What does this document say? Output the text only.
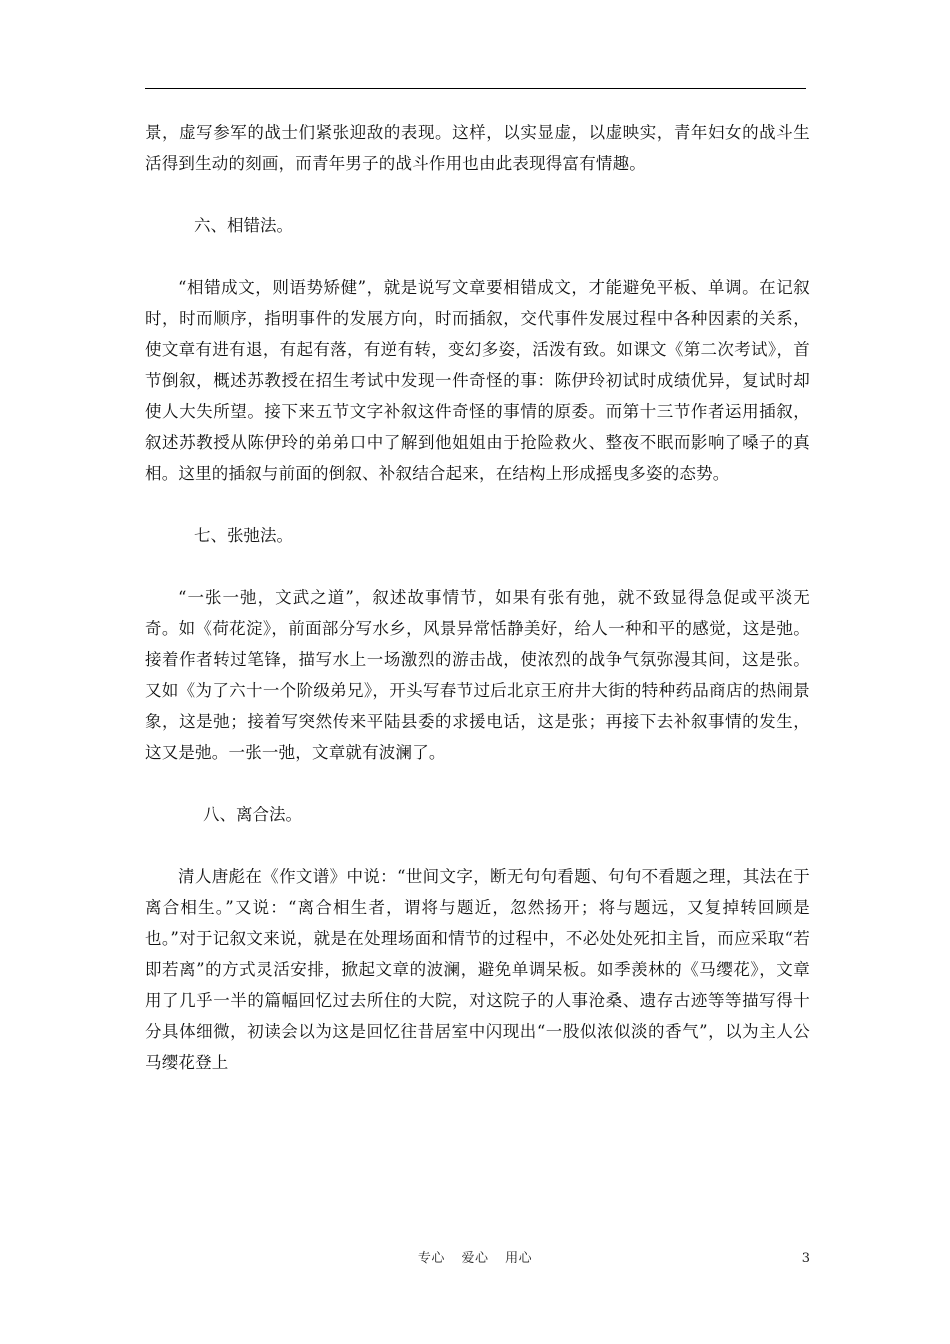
景，虚写参军的战士们紧张迎敌的表现。这样，以实显虚，以虚映实，青年妇女的战斗生活得到生动的刻画，而青年男子的战斗作用也由此表现得富有情趣。

六、相错法。

“相错成文，则语势矫健”，就是说写文章要相错成文，才能避免平板、单调。在记叙时，时而顺序，指明事件的发展方向，时而插叙，交代事件发展过程中各种因素的关系，使文章有进有退，有起有落，有逆有转，变幻多姿，活泼有致。如课文《第二次考试》，首节倒叙，概述苏教授在招生考试中发现一件奇怪的事：陈伊玲初试时成绩优异，复试时却使人大失所望。接下来五节文字补叙这件奇怪的事情的原委。而第十三节作者运用插叙，叙述苏教授从陈伊玲的弟弟口中了解到他姐姐由于抢险救火、整夜不眠而影响了嗓子的真相。这里的插叙与前面的倒叙、补叙结合起来，在结构上形成摇曳多姿的态势。

七、张弛法。

“一张一弛，文武之道”，叙述故事情节，如果有张有弛，就不致显得急促或平淡无奇。如《荷花淀》，前面部分写水乡，风景异常恬静美好，给人一种和平的感觉，这是弛。接着作者转过笔锋，描写水上一场激烈的游击战，使浓烈的战争气氛弥漫其间，这是张。又如《为了六十一个阶级弟兄》，开头写春节过后北京王府井大街的特种药品商店的热闹景象，这是弛；接着写突然传来平陆县委的求援电话，这是张；再接下去补叙事情的发生，这又是弛。一张一弛，文章就有波澜了。

八、离合法。

清人唐彪在《作文谱》中说：“世间文字，断无句句看题、句句不看题之理，其法在于离合相生。”又说：“离合相生者，谓将与题近，忽然扬开；将与题远，又复掉转回顾是也。”对于记叙文来说，就是在处理场面和情节的过程中，不必处处死扣主旨，而应采取“若即若离”的方式灵活安排，掀起文章的波澜，避免单调呆板。如季羡林的《马缨花》，文章用了几乎一半的篇幅回忆过去所住的大院，对这院子的人事沧桑、遗存古迹等等描写得十分具体细微，初读会以为这是回忆往昔居室中闪现出“一股似浓似淡的香气”，以为主人公马缨花登上

专心 爱心 用心	3
